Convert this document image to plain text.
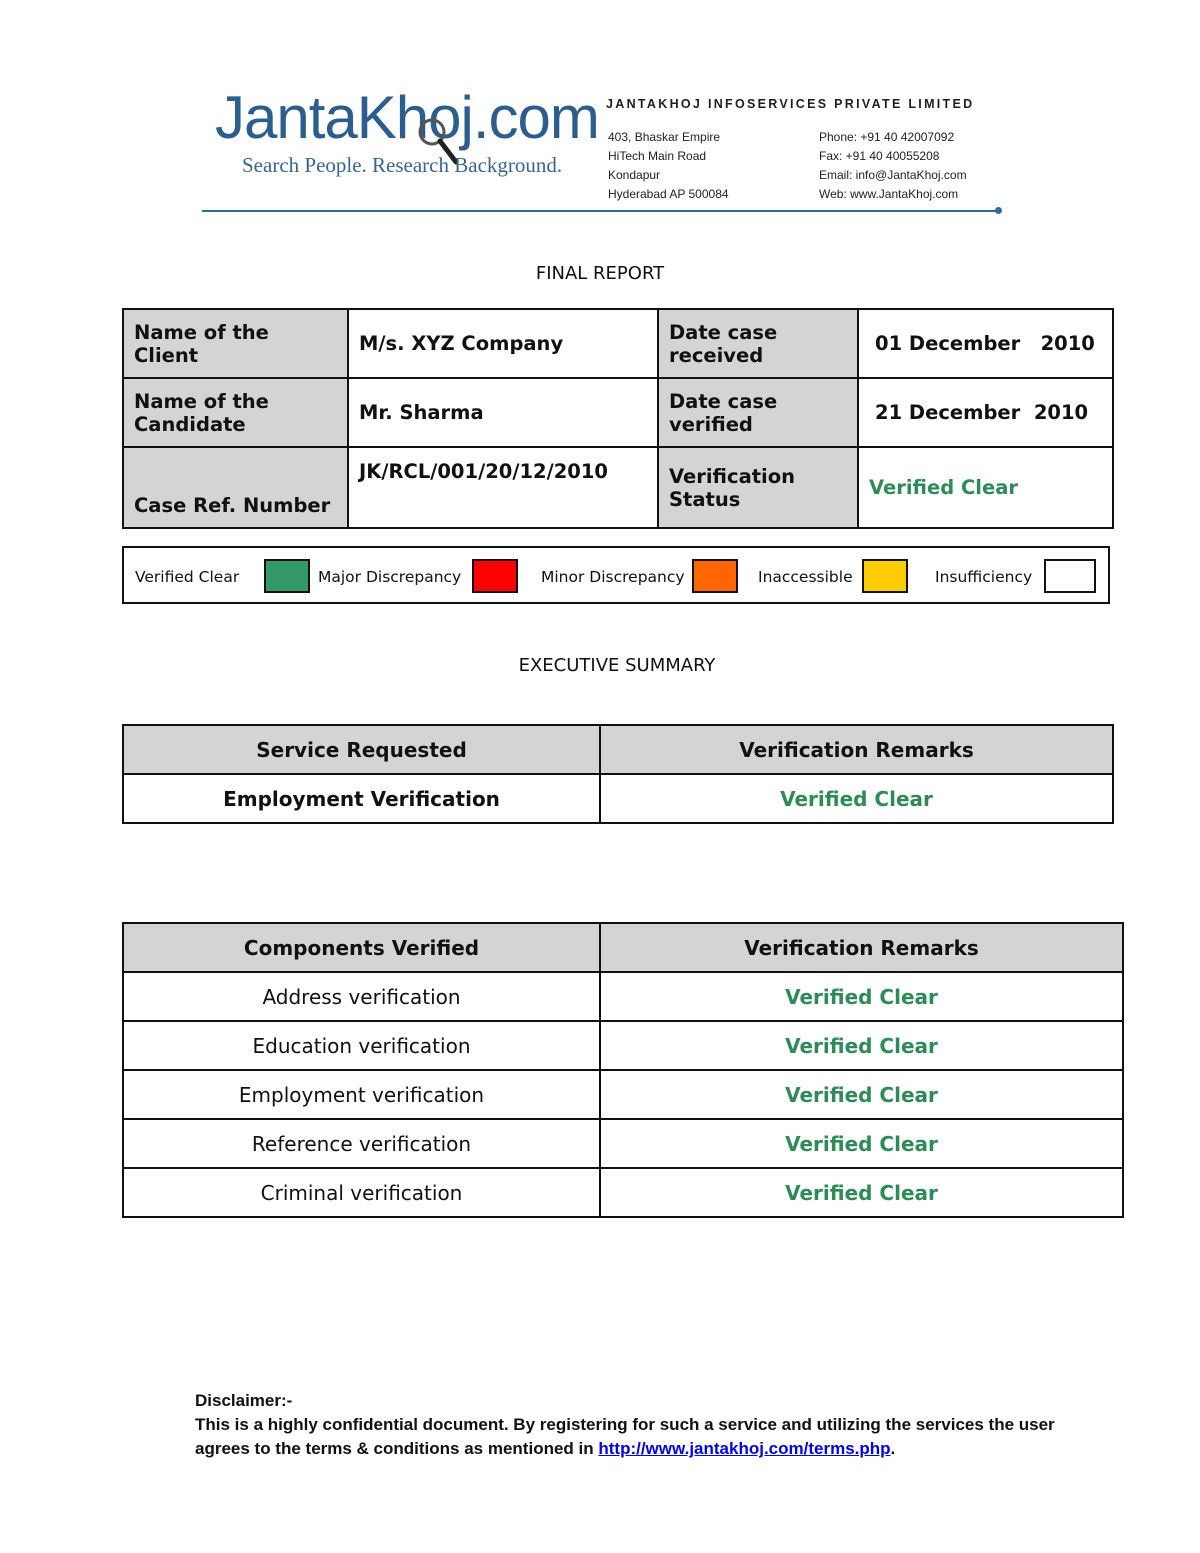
JantaKhoj.com
Search People. Research Background.
JANTAKHOJ INFOSERVICES PRIVATE LIMITED
403, Bhaskar Empire
HiTech Main Road
Kondapur
Hyderabad AP 500084
Phone: +91 40 42007092
Fax: +91 40 40055208
Email: info@JantaKhoj.com
Web: www.JantaKhoj.com
FINAL REPORT
Name of the Client	M/s. XYZ Company	Date case received	01 December   2010
Name of the Candidate	Mr. Sharma	Date case verified	21 December  2010
Case Ref. Number	JK/RCL/001/20/12/2010	Verification Status	Verified Clear
Verified Clear	Major Discrepancy	Minor Discrepancy	Inaccessible	Insufficiency
EXECUTIVE SUMMARY
Service Requested	Verification Remarks
Employment Verification	Verified Clear
Components Verified	Verification Remarks
Address verification	Verified Clear
Education verification	Verified Clear
Employment verification	Verified Clear
Reference verification	Verified Clear
Criminal verification	Verified Clear
Disclaimer:-
This is a highly confidential document. By registering for such a service and utilizing the services the user agrees to the terms & conditions as mentioned in http://www.jantakhoj.com/terms.php.
